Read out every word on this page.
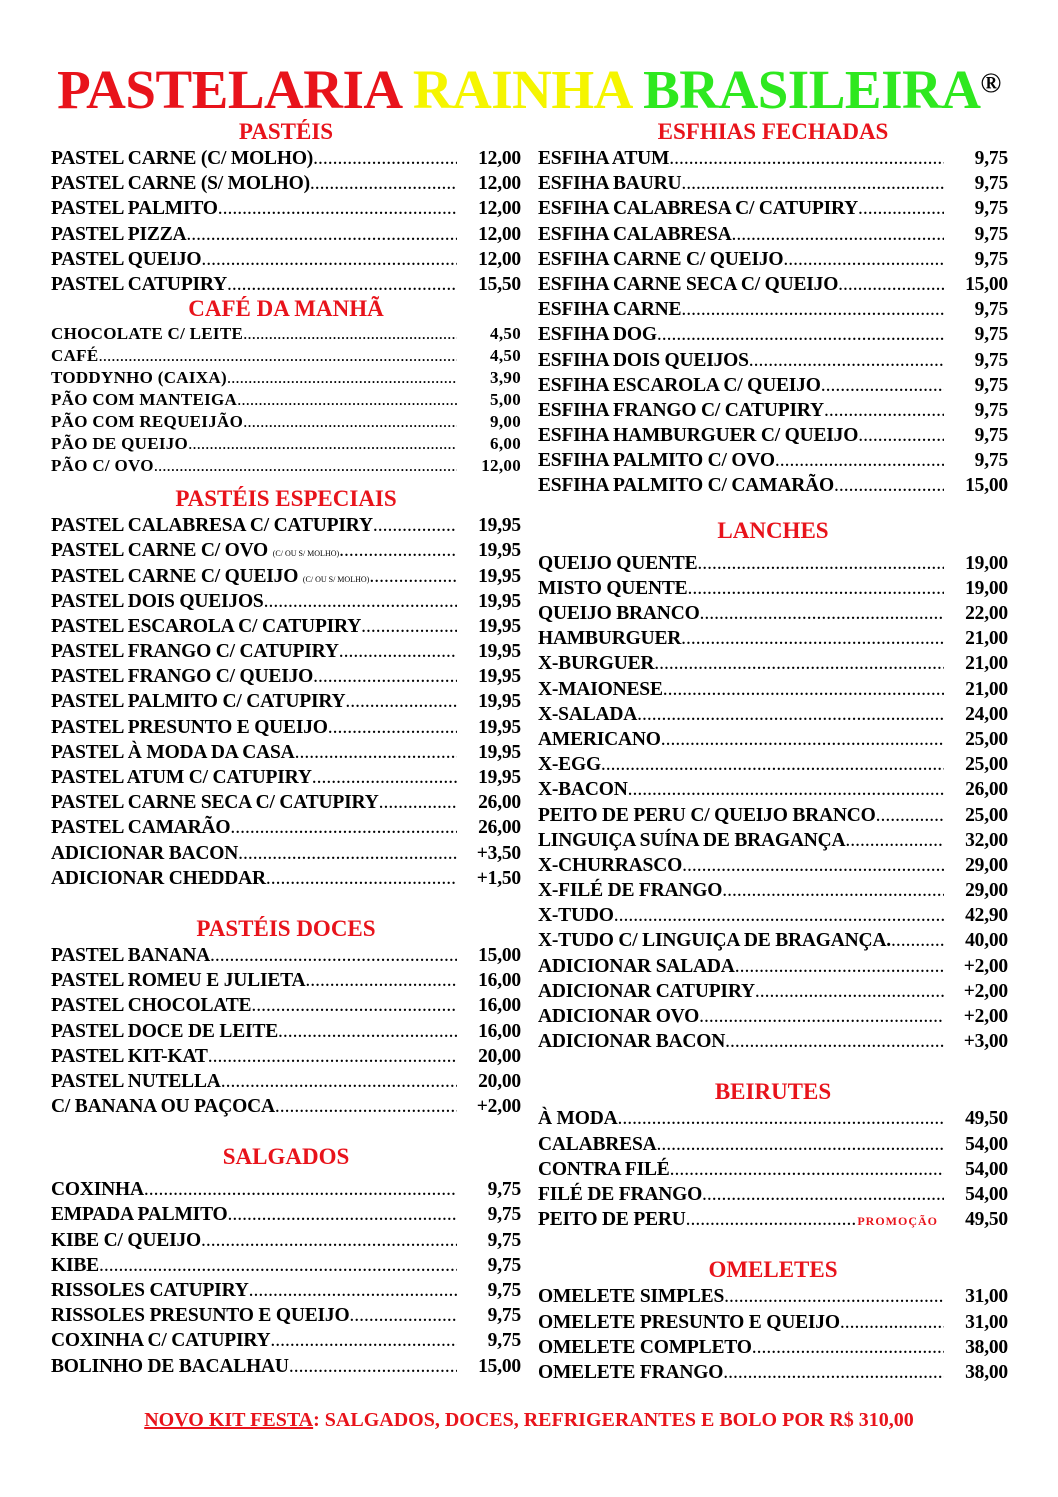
PASTELARIA RAINHA BRASILEIRA®
PASTÉIS
PASTEL CARNE (C/ MOLHO) .....	12,00
PASTEL CARNE (S/ MOLHO) .....	12,00
PASTEL PALMITO .....	12,00
PASTEL PIZZA .....	12,00
PASTEL QUEIJO .....	12,00
PASTEL CATUPIRY .....	15,50
CAFÉ DA MANHÃ
CHOCOLATE C/ LEITE .....	4,50
CAFÉ .....	4,50
TODDYNHO (CAIXA) .....	3,90
PÃO COM MANTEIGA .....	5,00
PÃO COM REQUEIJÃO .....	9,00
PÃO DE QUEIJO .....	6,00
PÃO C/ OVO .....	12,00
PASTÉIS ESPECIAIS
PASTEL CALABRESA C/ CATUPIRY .....	19,95
PASTEL CARNE C/ OVO (C/ OU S/ MOLHO) .....	19,95
PASTEL CARNE C/ QUEIJO (C/ OU S/ MOLHO) .....	19,95
PASTEL DOIS QUEIJOS .....	19,95
PASTEL ESCAROLA C/ CATUPIRY .....	19,95
PASTEL FRANGO C/ CATUPIRY .....	19,95
PASTEL FRANGO C/ QUEIJO .....	19,95
PASTEL PALMITO C/ CATUPIRY .....	19,95
PASTEL PRESUNTO E QUEIJO .....	19,95
PASTEL À MODA DA CASA .....	19,95
PASTEL ATUM C/ CATUPIRY .....	19,95
PASTEL CARNE SECA C/ CATUPIRY .....	26,00
PASTEL CAMARÃO .....	26,00
ADICIONAR BACON .....	+3,50
ADICIONAR CHEDDAR .....	+1,50
PASTÉIS DOCES
PASTEL BANANA .....	15,00
PASTEL ROMEU E JULIETA .....	16,00
PASTEL CHOCOLATE .....	16,00
PASTEL DOCE DE LEITE .....	16,00
PASTEL KIT-KAT .....	20,00
PASTEL NUTELLA .....	20,00
C/ BANANA OU PAÇOCA .....	+2,00
SALGADOS
COXINHA .....	9,75
EMPADA PALMITO .....	9,75
KIBE C/ QUEIJO .....	9,75
KIBE .....	9,75
RISSOLES CATUPIRY .....	9,75
RISSOLES PRESUNTO E QUEIJO .....	9,75
COXINHA C/ CATUPIRY .....	9,75
BOLINHO DE BACALHAU .....	15,00
ESFHIAS FECHADAS
ESFIHA ATUM .....	9,75
ESFIHA BAURU .....	9,75
ESFIHA CALABRESA C/ CATUPIRY .....	9,75
ESFIHA CALABRESA .....	9,75
ESFIHA CARNE C/ QUEIJO .....	9,75
ESFIHA CARNE SECA C/ QUEIJO .....	15,00
ESFIHA CARNE .....	9,75
ESFIHA DOG .....	9,75
ESFIHA DOIS QUEIJOS .....	9,75
ESFIHA ESCAROLA C/ QUEIJO .....	9,75
ESFIHA FRANGO C/ CATUPIRY .....	9,75
ESFIHA HAMBURGUER C/ QUEIJO .....	9,75
ESFIHA PALMITO C/ OVO .....	9,75
ESFIHA PALMITO C/ CAMARÃO .....	15,00
LANCHES
QUEIJO QUENTE .....	19,00
MISTO QUENTE .....	19,00
QUEIJO BRANCO .....	22,00
HAMBURGUER .....	21,00
X-BURGUER .....	21,00
X-MAIONESE .....	21,00
X-SALADA .....	24,00
AMERICANO .....	25,00
X-EGG .....	25,00
X-BACON .....	26,00
PEITO DE PERU C/ QUEIJO BRANCO .....	25,00
LINGUIÇA SUÍNA DE BRAGANÇA .....	32,00
X-CHURRASCO .....	29,00
X-FILÉ DE FRANGO .....	29,00
X-TUDO .....	42,90
X-TUDO C/ LINGUIÇA DE BRAGANÇA. .....	40,00
ADICIONAR SALADA .....	+2,00
ADICIONAR CATUPIRY .....	+2,00
ADICIONAR OVO .....	+2,00
ADICIONAR BACON .....	+3,00
BEIRUTES
À MODA .....	49,50
CALABRESA .....	54,00
CONTRA FILÉ .....	54,00
FILÉ DE FRANGO .....	54,00
PEITO DE PERU .....	PROMOÇÃO	49,50
OMELETES
OMELETE SIMPLES .....	31,00
OMELETE PRESUNTO E QUEIJO .....	31,00
OMELETE COMPLETO .....	38,00
OMELETE FRANGO .....	38,00
NOVO KIT FESTA: SALGADOS, DOCES, REFRIGERANTES E BOLO POR R$ 310,00
